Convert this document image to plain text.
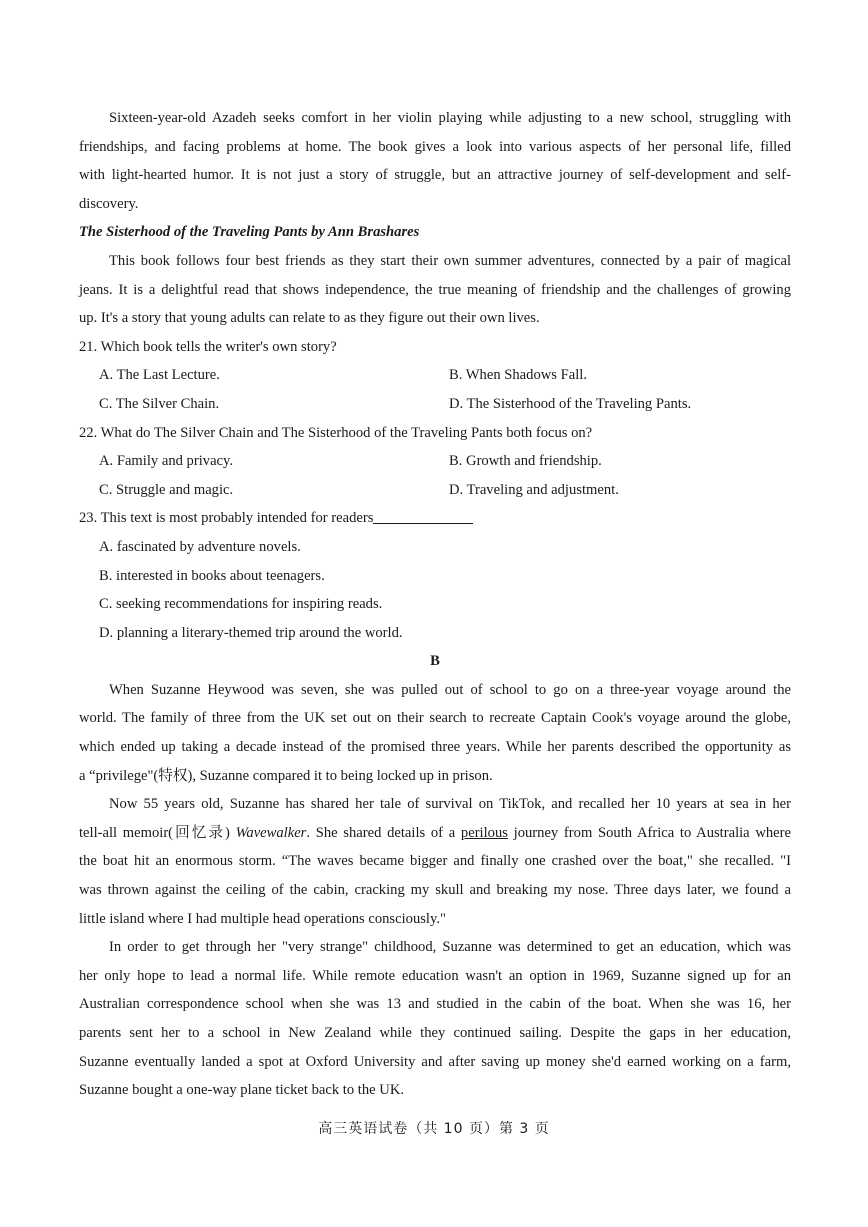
Sixteen-year-old Azadeh seeks comfort in her violin playing while adjusting to a new school, struggling with
friendships, and facing problems at home. The book gives a look into various aspects of her personal life, filled
with light-hearted humor. It is not just a story of struggle, but an attractive journey of self-development and self-
discovery.
The Sisterhood of the Traveling Pants by Ann Brashares
This book follows four best friends as they start their own summer adventures, connected by a pair of magical
jeans. It is a delightful read that shows independence, the true meaning of friendship and the challenges of growing
up. It's a story that young adults can relate to as they figure out their own lives.
21. Which book tells the writer's own story?
A. The Last Lecture.	B. When Shadows Fall.
C. The Silver Chain.	D. The Sisterhood of the Traveling Pants.
22. What do The Silver Chain and The Sisterhood of the Traveling Pants both focus on?
A. Family and privacy.	B. Growth and friendship.
C. Struggle and magic.	D. Traveling and adjustment.
23. This text is most probably intended for readers
A. fascinated by adventure novels.
B. interested in books about teenagers.
C. seeking recommendations for inspiring reads.
D. planning a literary-themed trip around the world.
B
When Suzanne Heywood was seven, she was pulled out of school to go on a three-year voyage around the
world. The family of three from the UK set out on their search to recreate Captain Cook's voyage around the globe,
which ended up taking a decade instead of the promised three years. While her parents described the opportunity as
a “privilege"(特权), Suzanne compared it to being locked up in prison.
Now 55 years old, Suzanne has shared her tale of survival on TikTok, and recalled her 10 years at sea in her
tell-all memoir(回忆录) Wavewalker. She shared details of a perilous journey from South Africa to Australia where
the boat hit an enormous storm. “The waves became bigger and finally one crashed over the boat," she recalled. "I
was thrown against the ceiling of the cabin, cracking my skull and breaking my nose. Three days later, we found a
little island where I had multiple head operations consciously."
In order to get through her "very strange" childhood, Suzanne was determined to get an education, which was
her only hope to lead a normal life. While remote education wasn't an option in 1969, Suzanne signed up for an
Australian correspondence school when she was 13 and studied in the cabin of the boat. When she was 16, her
parents sent her to a school in New Zealand while they continued sailing. Despite the gaps in her education,
Suzanne eventually landed a spot at Oxford University and after saving up money she'd earned working on a farm,
Suzanne bought a one-way plane ticket back to the UK.
高三英语试卷（共 10 页）第 3 页
